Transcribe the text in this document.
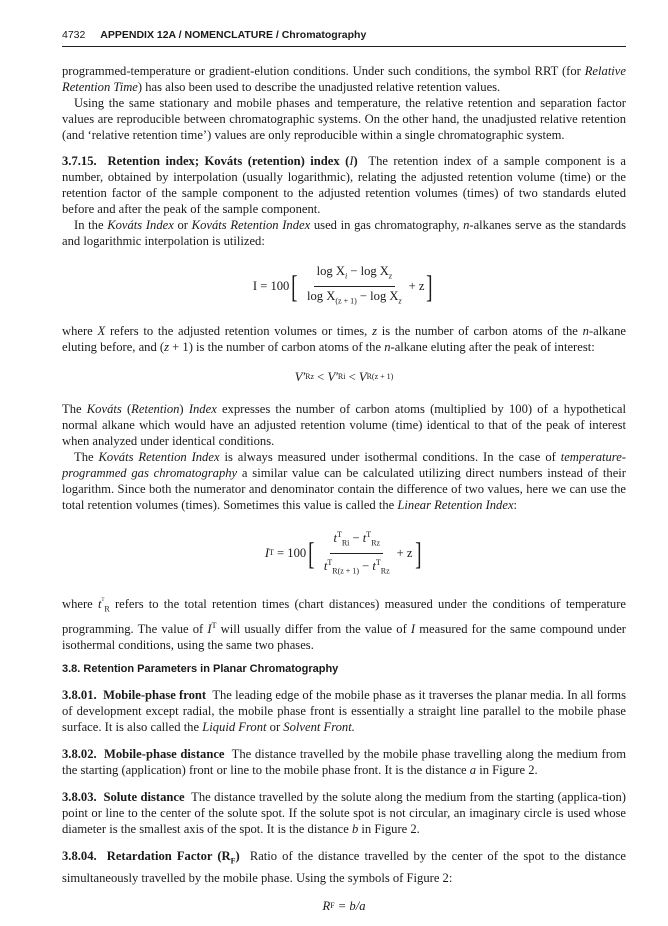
4732 APPENDIX 12A / NOMENCLATURE / Chromatography

programmed-temperature or gradient-elution conditions. Under such conditions, the symbol RRT (for Relative Retention Time) has also been used to describe the unadjusted relative retention values.

Using the same stationary and mobile phases and temperature, the relative retention and separation factor values are reproducible between chromatographic systems. On the other hand, the unadjusted relative retention (and ‘relative retention time’) values are only reproducible within a single chromatographic system.

3.7.15.  Retention index; Kováts (retention) index (I)  The retention index of a sample component is a number, obtained by interpolation (usually logarithmic), relating the adjusted retention volume (time) or the retention factor of the sample component to the adjusted retention volumes (times) of two standards eluted before and after the peak of the sample component.

In the Kováts Index or Kováts Retention Index used in gas chromatography, n-alkanes serve as the standards and logarithmic interpolation is utilized:

I = 100 [ $\frac{\log X_i - \log X_z}{\log X_{(z + 1)} - \log X_z} + z$ ]

where X refers to the adjusted retention volumes or times, z is the number of carbon atoms of the n-alkane eluting before, and (z + 1) is the number of carbon atoms of the n-alkane eluting after the peak of interest:

V′ Rz < V′ Ri < V R(z + 1)

The Kováts (Retention) Index expresses the number of carbon atoms (multiplied by 100) of a hypothetical normal alkane which would have an adjusted retention volume (time) identical to that of the peak of interest when analyzed under identical conditions.

The Kováts Retention Index is always measured under isothermal conditions. In the case of temperature-programmed gas chromatography a similar value can be calculated utilizing direct numbers instead of their logarithm. Since both the numerator and denominator contain the difference of two values, here we can use the total retention volumes (times). Sometimes this value is called the Linear Retention Index:

I T = 100 [ $\frac{t^T_{Ri} - t^T_{Rz}}{t^T_{R(z + 1)} - t^T_{Rz}} + z$ ]

where $t^ᵀ_R$ refers to the total retention times (chart distances) measured under the conditions of temperature programming. The value of $I^T$ will usually differ from the value of I measured for the same compound under isothermal conditions, using the same two phases.

3.8. Retention Parameters in Planar Chromatography

3.8.01.  Mobile-phase front  The leading edge of the mobile phase as it traverses the planar media. In all forms of development except radial, the mobile phase front is essentially a straight line parallel to the mobile phase surface. It is also called the Liquid Front or Solvent Front.

3.8.02.  Mobile-phase distance  The distance travelled by the mobile phase travelling along the medium from the starting (application) front or line to the mobile phase front. It is the distance a in Figure 2.

3.8.03.  Solute distance  The distance travelled by the solute along the medium from the starting (applica-tion) point or line to the center of the solute spot. If the solute spot is not circular, an imaginary circle is used whose diameter is the smallest axis of the spot. It is the distance b in Figure 2.

3.8.04.  Retardation Factor $(R_F)$  Ratio of the distance travelled by the center of the spot to the distance simultaneously travelled by the mobile phase. Using the symbols of Figure 2:

R F = b/a
